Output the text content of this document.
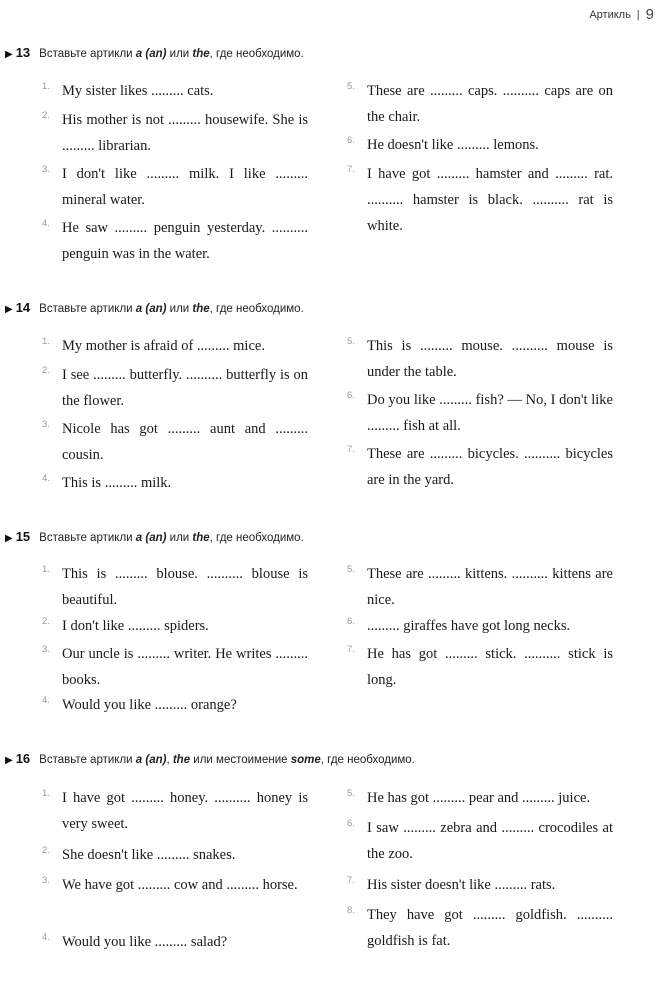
Артикль | 9
▶ 13 Вставьте артикли a (an) или the, где необходимо.
1. My sister likes ......... cats.
2. His mother is not ......... housewife. She is ......... librarian.
3. I don't like ......... milk. I like ......... mineral water.
4. He saw ......... penguin yesterday. .......... penguin was in the water.
5. These are ......... caps. .......... caps are on the chair.
6. He doesn't like ......... lemons.
7. I have got ......... hamster and ......... rat. .......... hamster is black. .......... rat is white.
▶ 14 Вставьте артикли a (an) или the, где необходимо.
1. My mother is afraid of ......... mice.
2. I see ......... butterfly. .......... butterfly is on the flower.
3. Nicole has got ......... aunt and ......... cousin.
4. This is ......... milk.
5. This is ......... mouse. .......... mouse is under the table.
6. Do you like ......... fish? — No, I don't like ......... fish at all.
7. These are ......... bicycles. .......... bicycles are in the yard.
▶ 15 Вставьте артикли a (an) или the, где необходимо.
1. This is ......... blouse. .......... blouse is beautiful.
2. I don't like ......... spiders.
3. Our uncle is ......... writer. He writes ......... books.
4. Would you like ......... orange?
5. These are ......... kittens. .......... kittens are nice.
6. ......... giraffes have got long necks.
7. He has got ......... stick. .......... stick is long.
▶ 16 Вставьте артикли a (an), the или местоимение some, где необходимо.
1. I have got ......... honey. .......... honey is very sweet.
2. She doesn't like ......... snakes.
3. We have got ......... cow and ......... horse.
4. Would you like ......... salad?
5. He has got ......... pear and ......... juice.
6. I saw ......... zebra and ......... crocodiles at the zoo.
7. His sister doesn't like ......... rats.
8. They have got ......... goldfish. .......... goldfish is fat.
